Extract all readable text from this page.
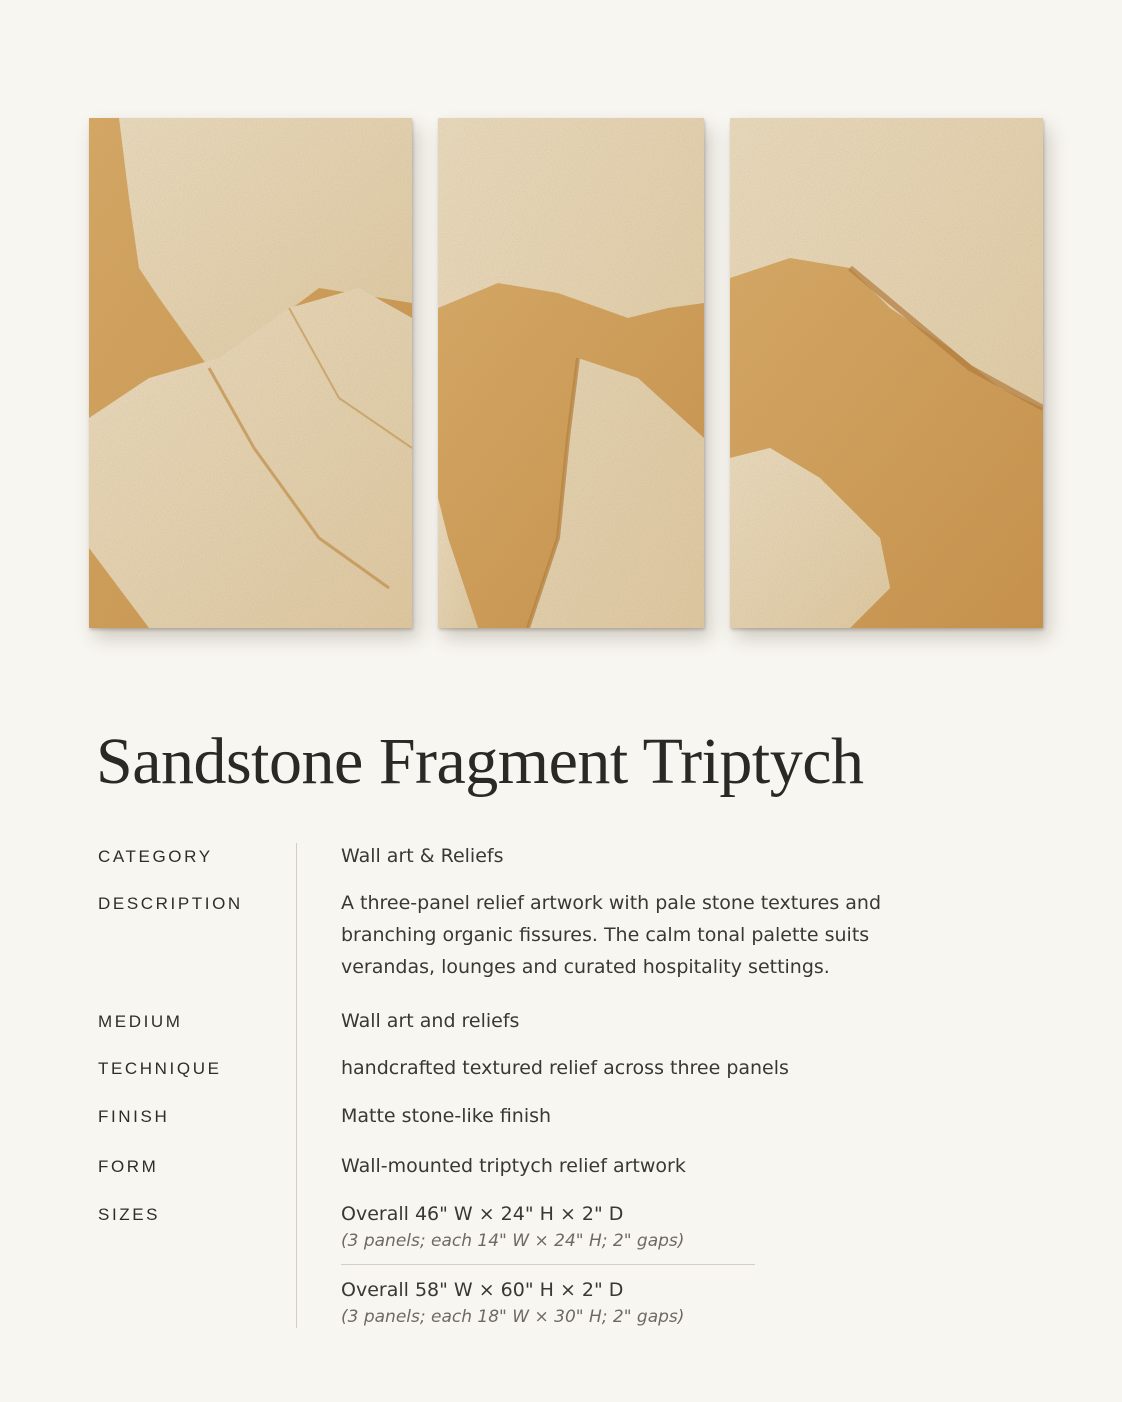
Sandstone Fragment Triptych
CATEGORY
DESCRIPTION
MEDIUM
TECHNIQUE
FINISH
FORM
SIZES
Wall art & Reliefs
A three-panel relief artwork with pale stone textures and branching organic fissures. The calm tonal palette suits verandas, lounges and curated hospitality settings.
Wall art and reliefs
handcrafted textured relief across three panels
Matte stone-like finish
Wall-mounted triptych relief artwork
Overall 46" W × 24" H × 2" D
(3 panels; each 14" W × 24" H; 2" gaps)
Overall 58" W × 60" H × 2" D
(3 panels; each 18" W × 30" H; 2" gaps)
